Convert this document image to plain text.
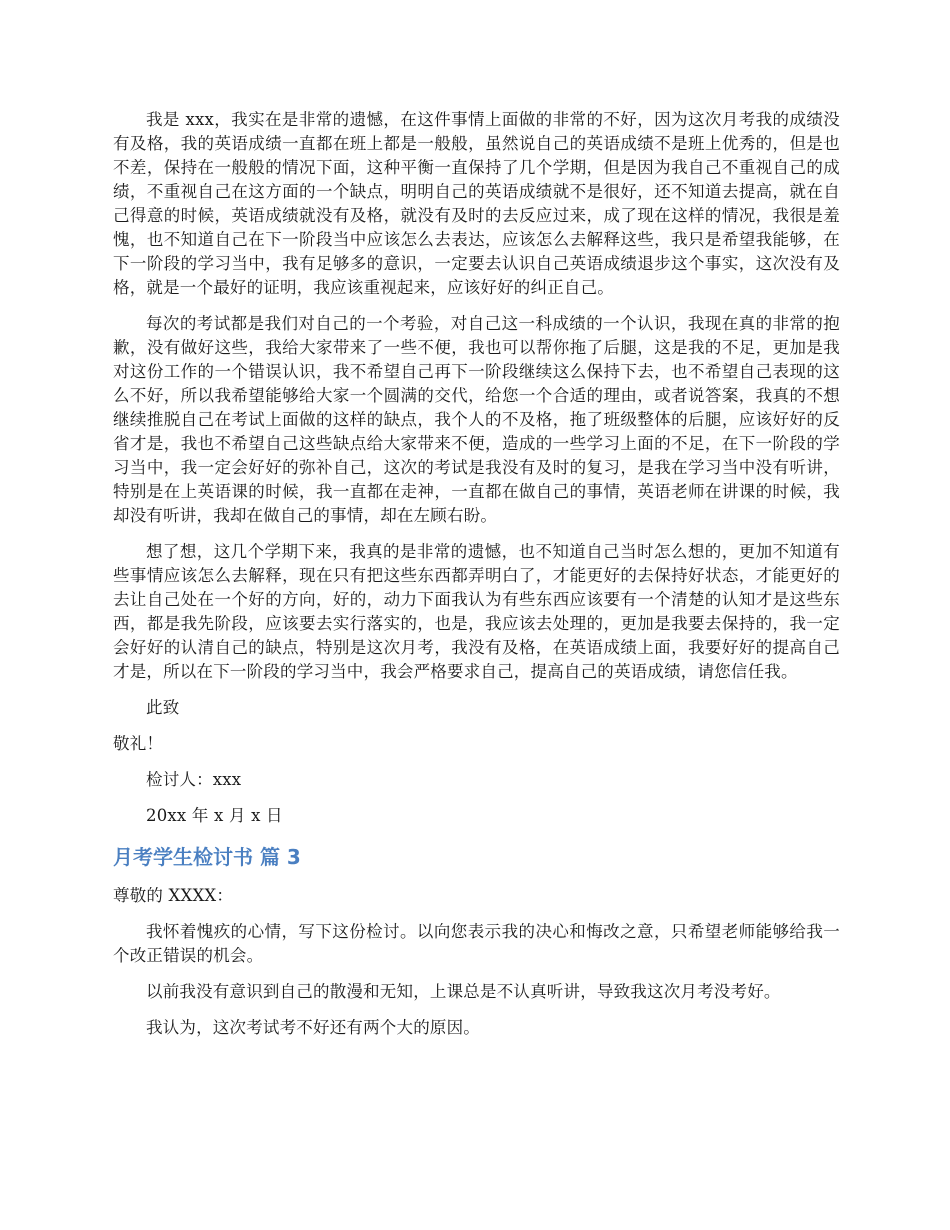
我是 xxx，我实在是非常的遗憾，在这件事情上面做的非常的不好，因为这次月考我的成绩没有及格，我的英语成绩一直都在班上都是一般般，虽然说自己的英语成绩不是班上优秀的，但是也不差，保持在一般般的情况下面，这种平衡一直保持了几个学期，但是因为我自己不重视自己的成绩，不重视自己在这方面的一个缺点，明明自己的英语成绩就不是很好，还不知道去提高，就在自己得意的时候，英语成绩就没有及格，就没有及时的去反应过来，成了现在这样的情况，我很是羞愧，也不知道自己在下一阶段当中应该怎么去表达，应该怎么去解释这些，我只是希望我能够，在下一阶段的学习当中，我有足够多的意识，一定要去认识自己英语成绩退步这个事实，这次没有及格，就是一个最好的证明，我应该重视起来，应该好好的纠正自己。

每次的考试都是我们对自己的一个考验，对自己这一科成绩的一个认识，我现在真的非常的抱歉，没有做好这些，我给大家带来了一些不便，我也可以帮你拖了后腿，这是我的不足，更加是我对这份工作的一个错误认识，我不希望自己再下一阶段继续这么保持下去，也不希望自己表现的这么不好，所以我希望能够给大家一个圆满的交代，给您一个合适的理由，或者说答案，我真的不想继续推脱自己在考试上面做的这样的缺点，我个人的不及格，拖了班级整体的后腿，应该好好的反省才是，我也不希望自己这些缺点给大家带来不便，造成的一些学习上面的不足，在下一阶段的学习当中，我一定会好好的弥补自己，这次的考试是我没有及时的复习，是我在学习当中没有听讲，特别是在上英语课的时候，我一直都在走神，一直都在做自己的事情，英语老师在讲课的时候，我却没有听讲，我却在做自己的事情，却在左顾右盼。

想了想，这几个学期下来，我真的是非常的遗憾，也不知道自己当时怎么想的，更加不知道有些事情应该怎么去解释，现在只有把这些东西都弄明白了，才能更好的去保持好状态，才能更好的去让自己处在一个好的方向，好的，动力下面我认为有些东西应该要有一个清楚的认知才是这些东西，都是我先阶段，应该要去实行落实的，也是，我应该去处理的，更加是我要去保持的，我一定会好好的认清自己的缺点，特别是这次月考，我没有及格，在英语成绩上面，我要好好的提高自己才是，所以在下一阶段的学习当中，我会严格要求自己，提高自己的英语成绩，请您信任我。

此致

敬礼！

检讨人：xxx

20xx 年 x 月 x 日

月考学生检讨书 篇 3

尊敬的 XXXX：

我怀着愧疚的心情，写下这份检讨。以向您表示我的决心和悔改之意，只希望老师能够给我一个改正错误的机会。

以前我没有意识到自己的散漫和无知，上课总是不认真听讲，导致我这次月考没考好。

我认为，这次考试考不好还有两个大的原因。
